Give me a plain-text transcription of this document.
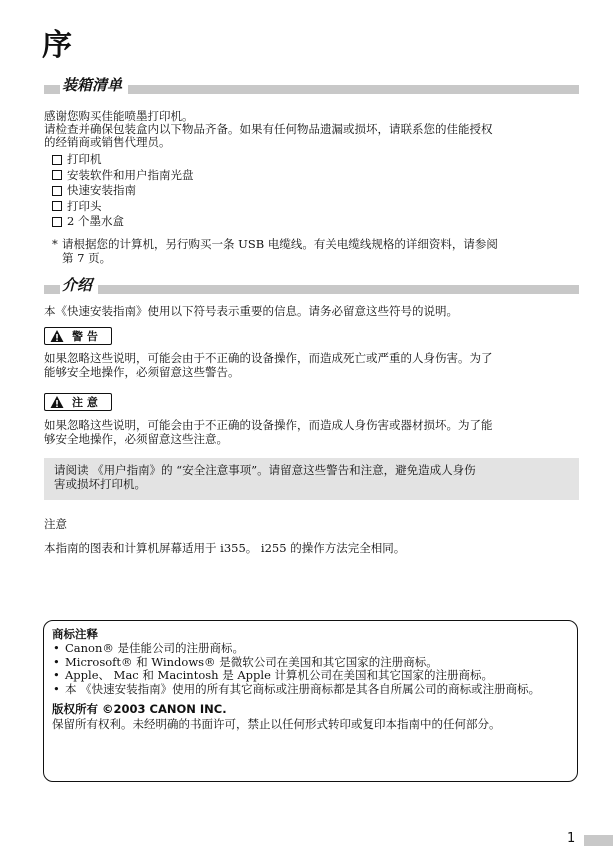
序
装箱清单

感谢您购买佳能喷墨打印机。

请检查并确保包装盒内以下物品齐备。如果有任何物品遗漏或损坏，请联系您的佳能授权

的经销商或销售代理员。

打印机
安装软件和用户指南光盘
快速安装指南
打印头
2 个墨水盒
* 请根据您的计算机，另行购买一条 USB 电缆线。有关电缆线规格的详细资料，请参阅
第 7 页。
介绍

本《快速安装指南》使用以下符号表示重要的信息。请务必留意这些符号的说明。

警 告

如果忽略这些说明，可能会由于不正确的设备操作，而造成死亡或严重的人身伤害。为了

能够安全地操作，必须留意这些警告。

注 意

如果忽略这些说明，可能会由于不正确的设备操作，而造成人身伤害或器材损坏。为了能

够安全地操作，必须留意这些注意。

请阅读 《用户指南》的 “安全注意事项”。请留意这些警告和注意，避免造成人身伤
害或损坏打印机。

注意

本指南的图表和计算机屏幕适用于 i355。 i255 的操作方法完全相同。

商标注释
• Canon® 是佳能公司的注册商标。
• Microsoft® 和 Windows® 是微软公司在美国和其它国家的注册商标。
• Apple、 Mac 和 Macintosh 是 Apple 计算机公司在美国和其它国家的注册商标。
• 本 《快速安装指南》使用的所有其它商标或注册商标都是其各自所属公司的商标或注册商标。
版权所有 ©2003 CANON INC.
保留所有权利。未经明确的书面许可，禁止以任何形式转印或复印本指南中的任何部分。
1
